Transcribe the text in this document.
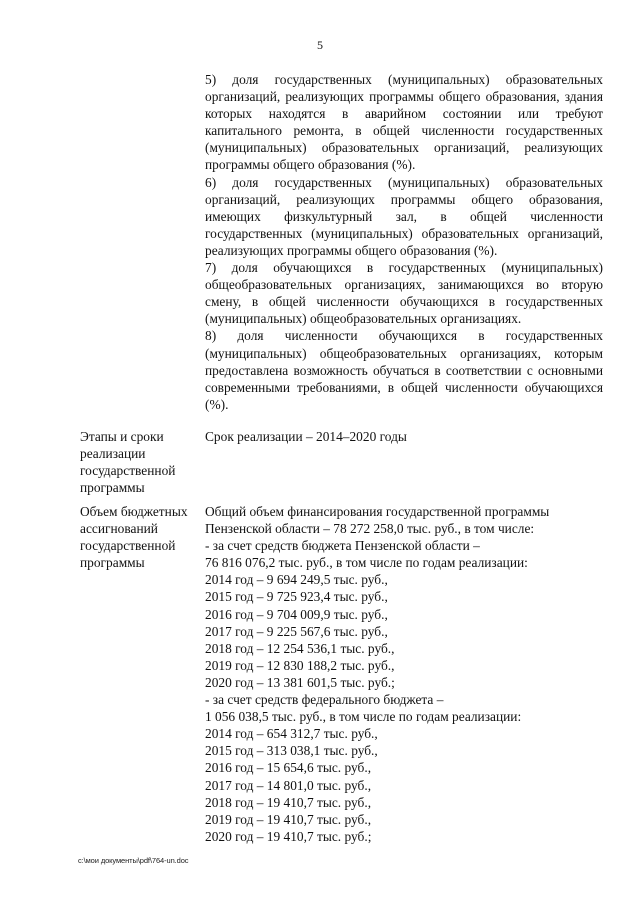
5

5) доля государственных (муниципальных) образовательных организаций, реализующих программы общего образования, здания которых находятся в аварийном состоянии или требуют капитального ремонта, в общей численности государственных (муниципальных) образовательных организаций, реализующих программы общего образования (%).

6) доля государственных (муниципальных) образовательных организаций, реализующих программы общего образования, имеющих физкультурный зал, в общей численности государственных (муниципальных) образовательных организаций, реализующих программы общего образования (%).

7) доля обучающихся в государственных (муниципальных) общеобразовательных организациях, занимающихся во вторую смену, в общей численности обучающихся в государственных (муниципальных) общеобразовательных организациях.

8) доля численности обучающихся в государственных (муниципальных) общеобразовательных организациях, которым предоставлена возможность обучаться в соответствии с основными современными требованиями, в общей численности обучающихся (%).

Этапы и сроки реализации государственной программы
Срок реализации – 2014–2020 годы
Объем бюджетных ассигнований государственной программы
Общий объем финансирования государственной программы
Пензенской области – 78 272 258,0 тыс. руб., в том числе:
- за счет средств бюджета Пензенской области –
76 816 076,2 тыс. руб., в том числе по годам реализации:
2014 год – 9 694 249,5 тыс. руб.,
2015 год – 9 725 923,4 тыс. руб.,
2016 год – 9 704 009,9 тыс. руб.,
2017 год – 9 225 567,6 тыс. руб.,
2018 год – 12 254 536,1 тыс. руб.,
2019 год – 12 830 188,2 тыс. руб.,
2020 год – 13 381 601,5 тыс. руб.;
- за счет средств федерального бюджета –
1 056 038,5 тыс. руб., в том числе по годам реализации:
2014 год – 654 312,7 тыс. руб.,
2015 год – 313 038,1 тыс. руб.,
2016 год – 15 654,6 тыс. руб.,
2017 год – 14 801,0 тыс. руб.,
2018 год – 19 410,7 тыс. руб.,
2019 год – 19 410,7 тыс. руб.,
2020 год – 19 410,7 тыс. руб.;
c:\мои документы\pdf\764-un.doc
